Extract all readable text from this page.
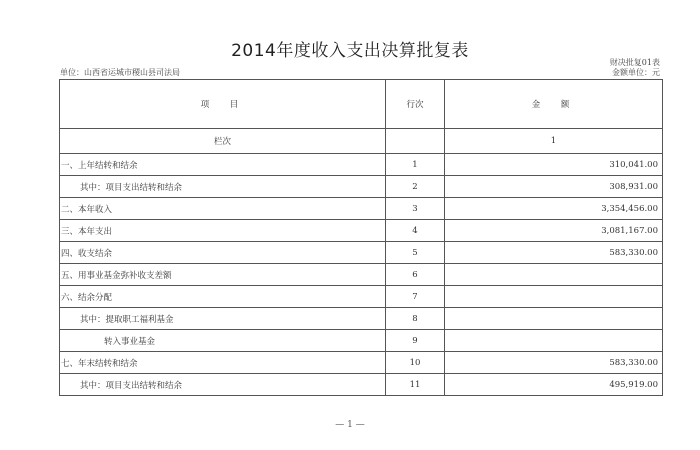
2014年度收入支出决算批复表
单位：山西省运城市稷山县司法局
财决批复01表
金额单位：元
项　目	行次	金　额
栏次		1
一、上年结转和结余	1	310,041.00
其中：项目支出结转和结余	2	308,931.00
二、本年收入	3	3,354,456.00
三、本年支出	4	3,081,167.00
四、收支结余	5	583,330.00
五、用事业基金弥补收支差额	6	
六、结余分配	7	
其中：提取职工福利基金	8	
转入事业基金	9	
七、年末结转和结余	10	583,330.00
其中：项目支出结转和结余	11	495,919.00
— 1 —
